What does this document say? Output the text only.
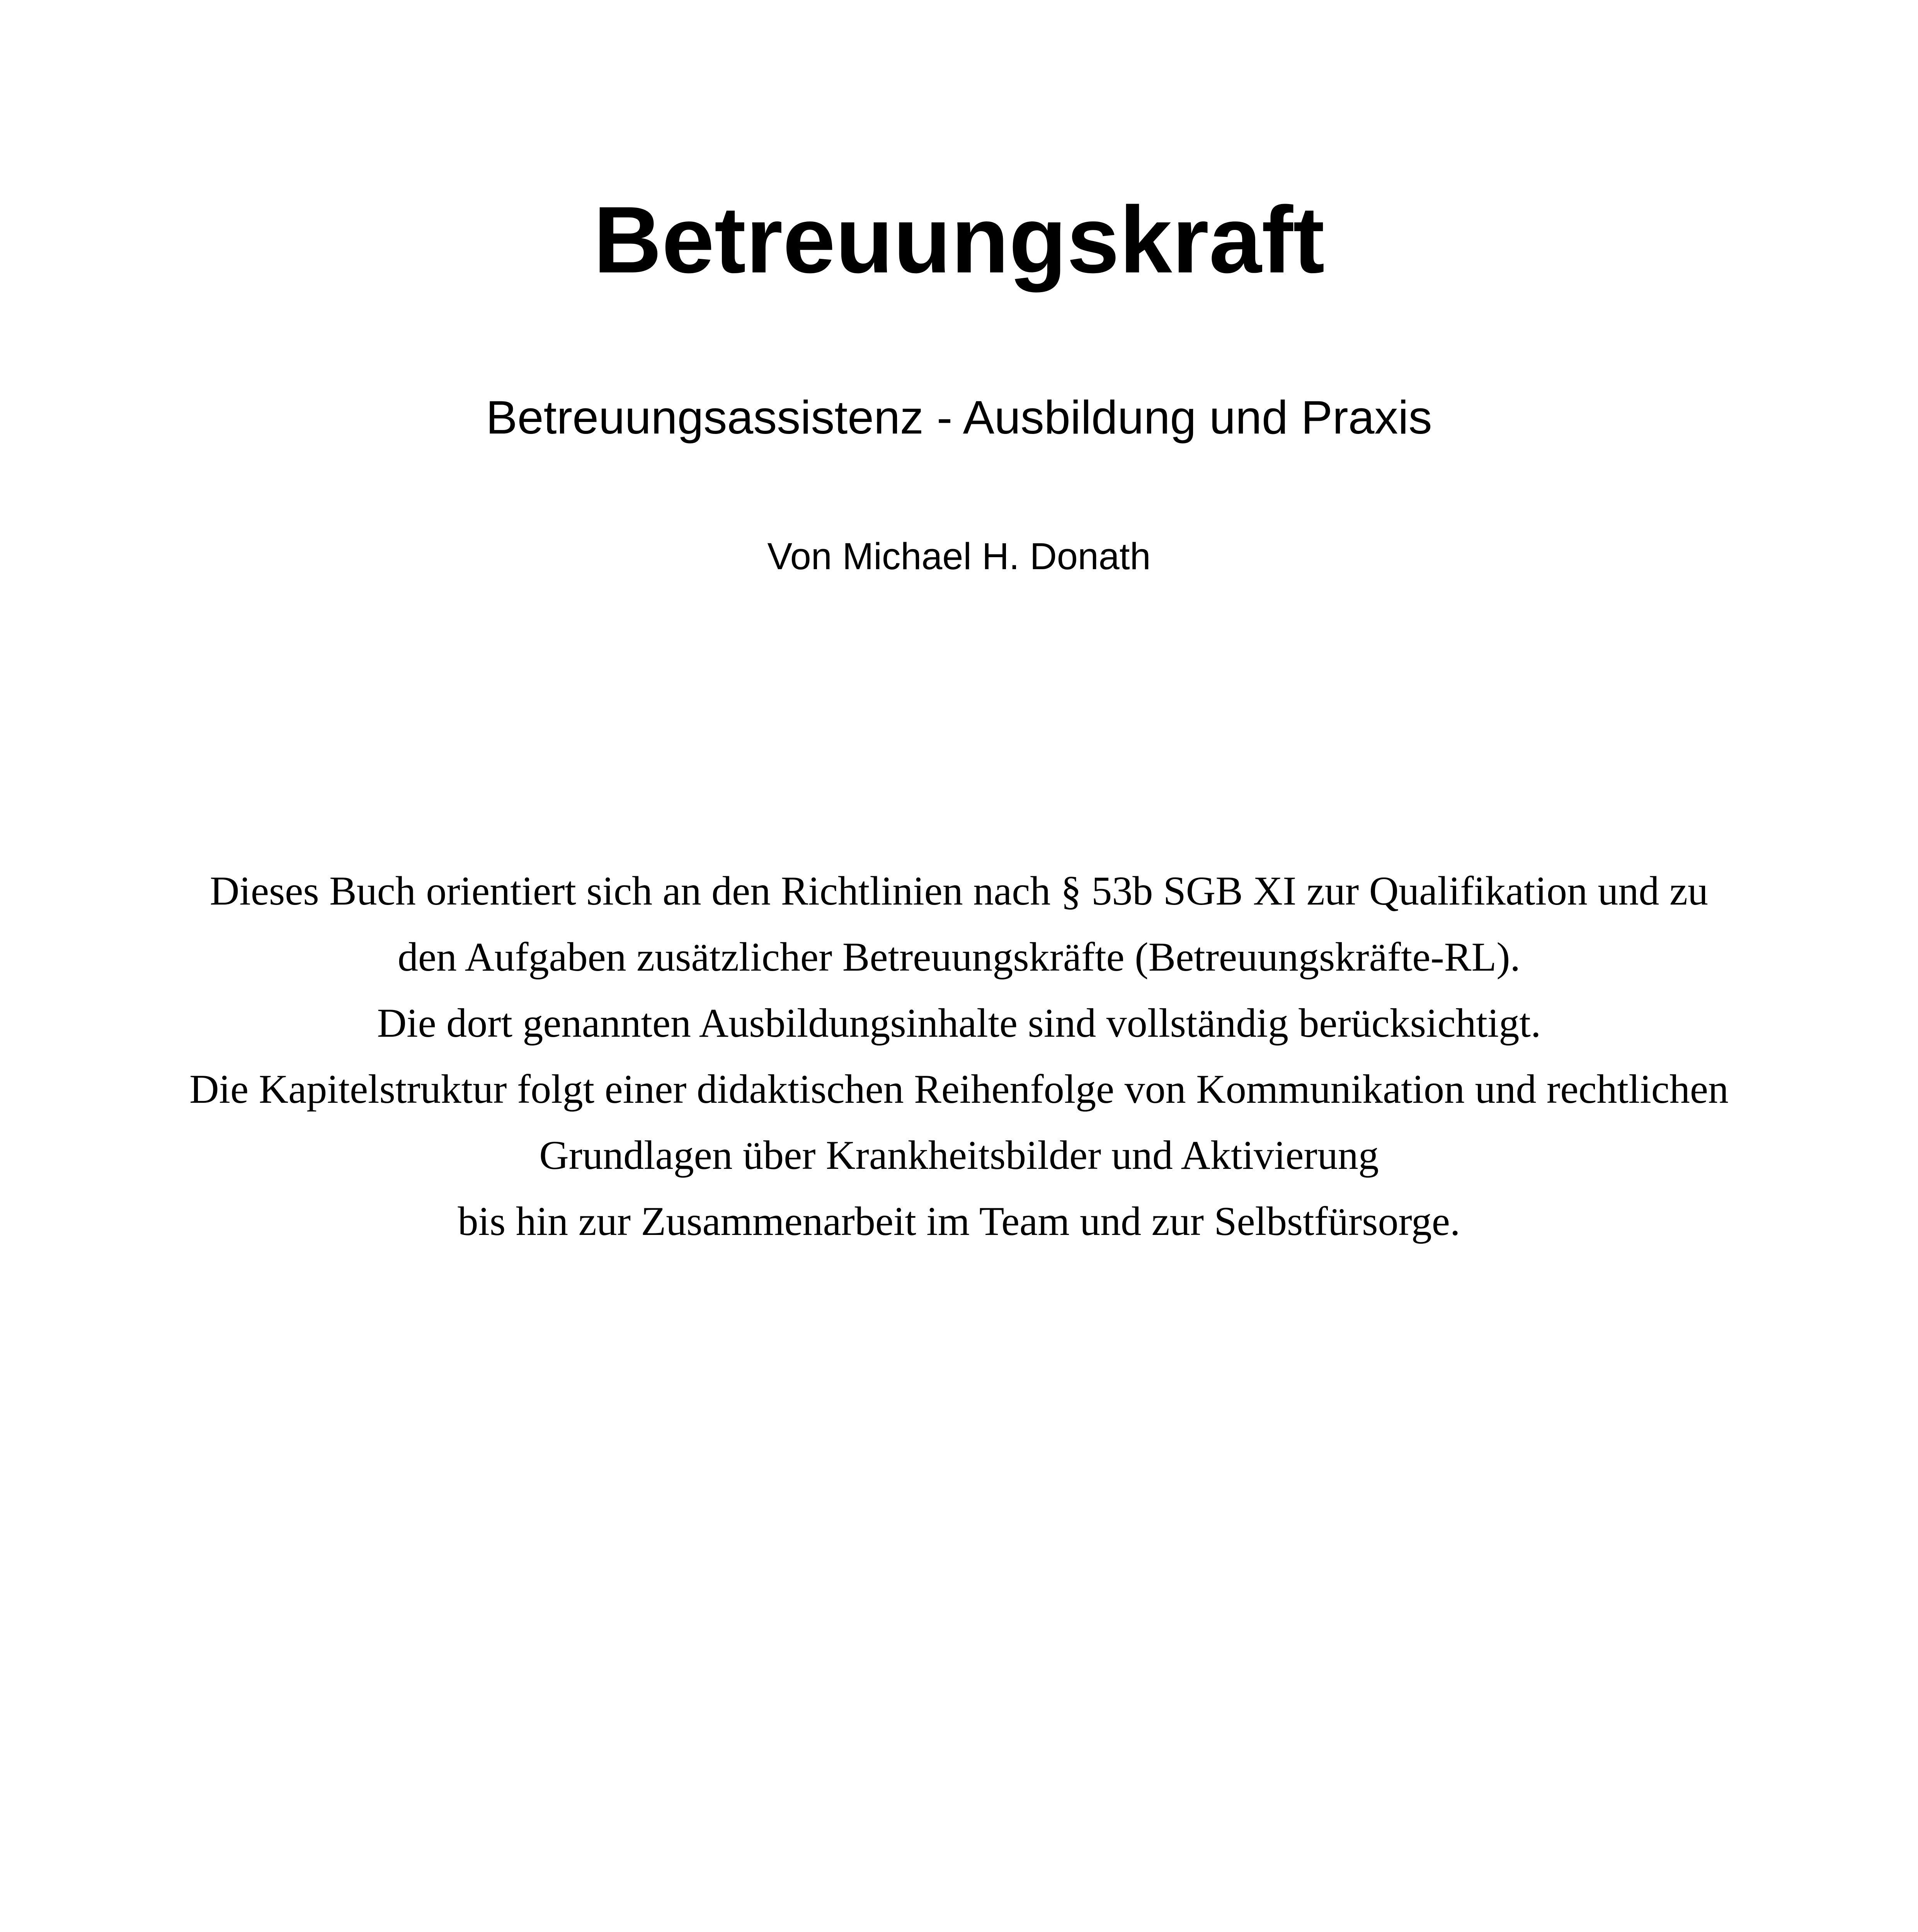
Betreuungskraft
Betreuungsassistenz - Ausbildung und Praxis
Von Michael H. Donath
Dieses Buch orientiert sich an den Richtlinien nach § 53b SGB XI zur Qualifikation und zu
den Aufgaben zusätzlicher Betreuungskräfte (Betreuungskräfte-RL).
Die dort genannten Ausbildungsinhalte sind vollständig berücksichtigt.
Die Kapitelstruktur folgt einer didaktischen Reihenfolge von Kommunikation und rechtlichen
Grundlagen über Krankheitsbilder und Aktivierung
bis hin zur Zusammenarbeit im Team und zur Selbstfürsorge.
